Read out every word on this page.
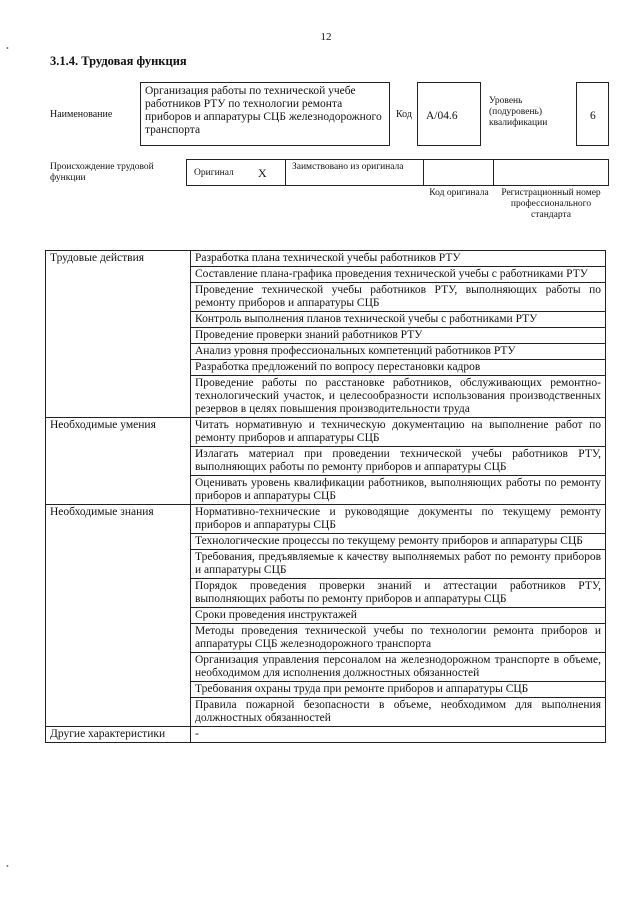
12
3.1.4. Трудовая функция
Наименование
Организация работы по технической учебе работников РТУ по технологии ремонта приборов и аппаратуры СЦБ железнодорожного транспорта
Код А/04.6
Уровень (подуровень) квалификации
6
Происхождение трудовой функции	Оригинал X	Заимствовано из оригинала
Код оригинала	Регистрационный номер профессионального стандарта
Трудовые действия	Разработка плана технической учебы работников РТУ
	Составление плана-графика проведения технической учебы с работниками РТУ
	Проведение технической учебы работников РТУ, выполняющих работы по ремонту приборов и аппаратуры СЦБ
	Контроль выполнения планов технической учебы с работниками РТУ
	Проведение проверки знаний работников РТУ
	Анализ уровня профессиональных компетенций работников РТУ
	Разработка предложений по вопросу перестановки кадров
	Проведение работы по расстановке работников, обслуживающих ремонтно-технологический участок, и целесообразности использования производственных резервов в целях повышения производительности труда
Необходимые умения	Читать нормативную и техническую документацию на выполнение работ по ремонту приборов и аппаратуры СЦБ
	Излагать материал при проведении технической учебы работников РТУ, выполняющих работы по ремонту приборов и аппаратуры СЦБ
	Оценивать уровень квалификации работников, выполняющих работы по ремонту приборов и аппаратуры СЦБ
Необходимые знания	Нормативно-технические и руководящие документы по текущему ремонту приборов и аппаратуры СЦБ
	Технологические процессы по текущему ремонту приборов и аппаратуры СЦБ
	Требования, предъявляемые к качеству выполняемых работ по ремонту приборов и аппаратуры СЦБ
	Порядок проведения проверки знаний и аттестации работников РТУ, выполняющих работы по ремонту приборов и аппаратуры СЦБ
	Сроки проведения инструктажей
	Методы проведения технической учебы по технологии ремонта приборов и аппаратуры СЦБ железнодорожного транспорта
	Организация управления персоналом на железнодорожном транспорте в объеме, необходимом для исполнения должностных обязанностей
	Требования охраны труда при ремонте приборов и аппаратуры СЦБ
	Правила пожарной безопасности в объеме, необходимом для выполнения должностных обязанностей
Другие характеристики	-
•
•
